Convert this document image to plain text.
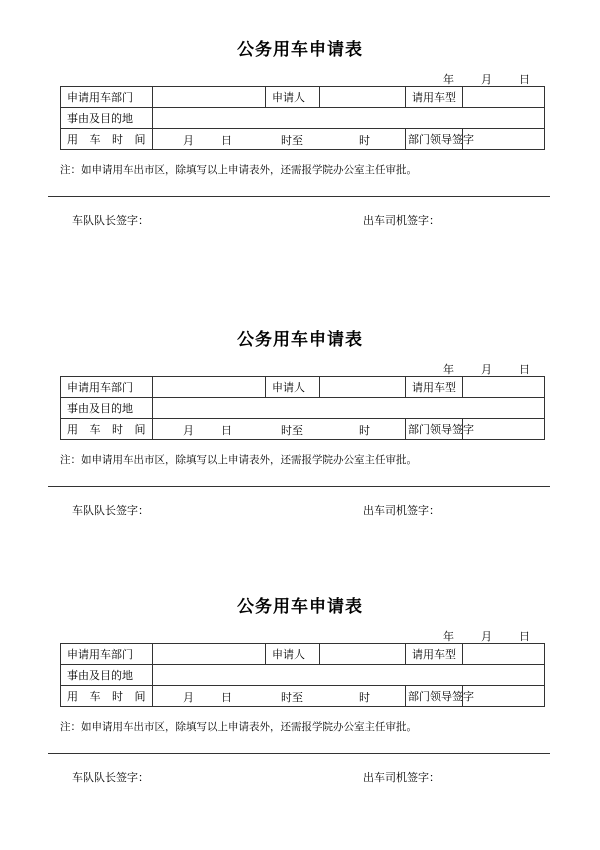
公务用车申请表
年 月 日
申请用车部门		申请人		请用车型	
事由及目的地					
用 车 时 间	月 日 时至 时			部门领导签字	
注：如申请用车出市区，除填写以上申请表外，还需报学院办公室主任审批。
车队队长签字：	出车司机签字：
公务用车申请表
年 月 日
申请用车部门		申请人		请用车型	
事由及目的地					
用 车 时 间	月 日 时至 时			部门领导签字	
注：如申请用车出市区，除填写以上申请表外，还需报学院办公室主任审批。
车队队长签字：	出车司机签字：
公务用车申请表
年 月 日
申请用车部门		申请人		请用车型	
事由及目的地					
用 车 时 间	月 日 时至 时			部门领导签字	
注：如申请用车出市区，除填写以上申请表外，还需报学院办公室主任审批。
车队队长签字：	出车司机签字：
